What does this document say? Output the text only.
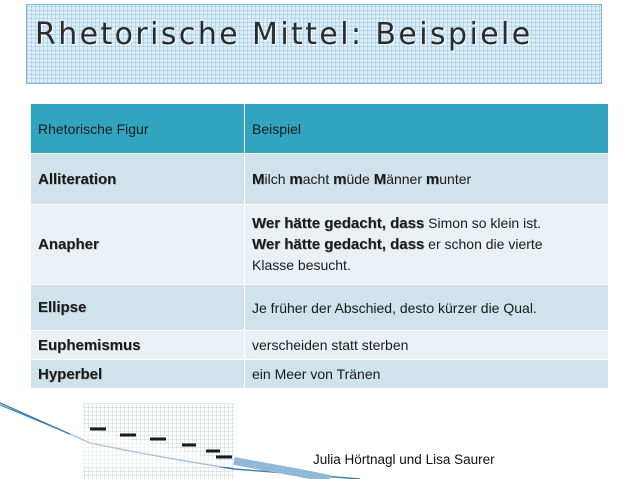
Rhetorische Mittel: Beispiele
Rhetorische Figur	Beispiel
Alliteration	Milch macht müde Männer munter
Anapher	Wer hätte gedacht, dass Simon so klein ist.
Wer hätte gedacht, dass er schon die vierte
Klasse besucht.

Ellipse	Je früher der Abschied, desto kürzer die Qual.
Euphemismus	verscheiden statt sterben
Hyperbel	ein Meer von Tränen
Julia Hörtnagl und Lisa Saurer
